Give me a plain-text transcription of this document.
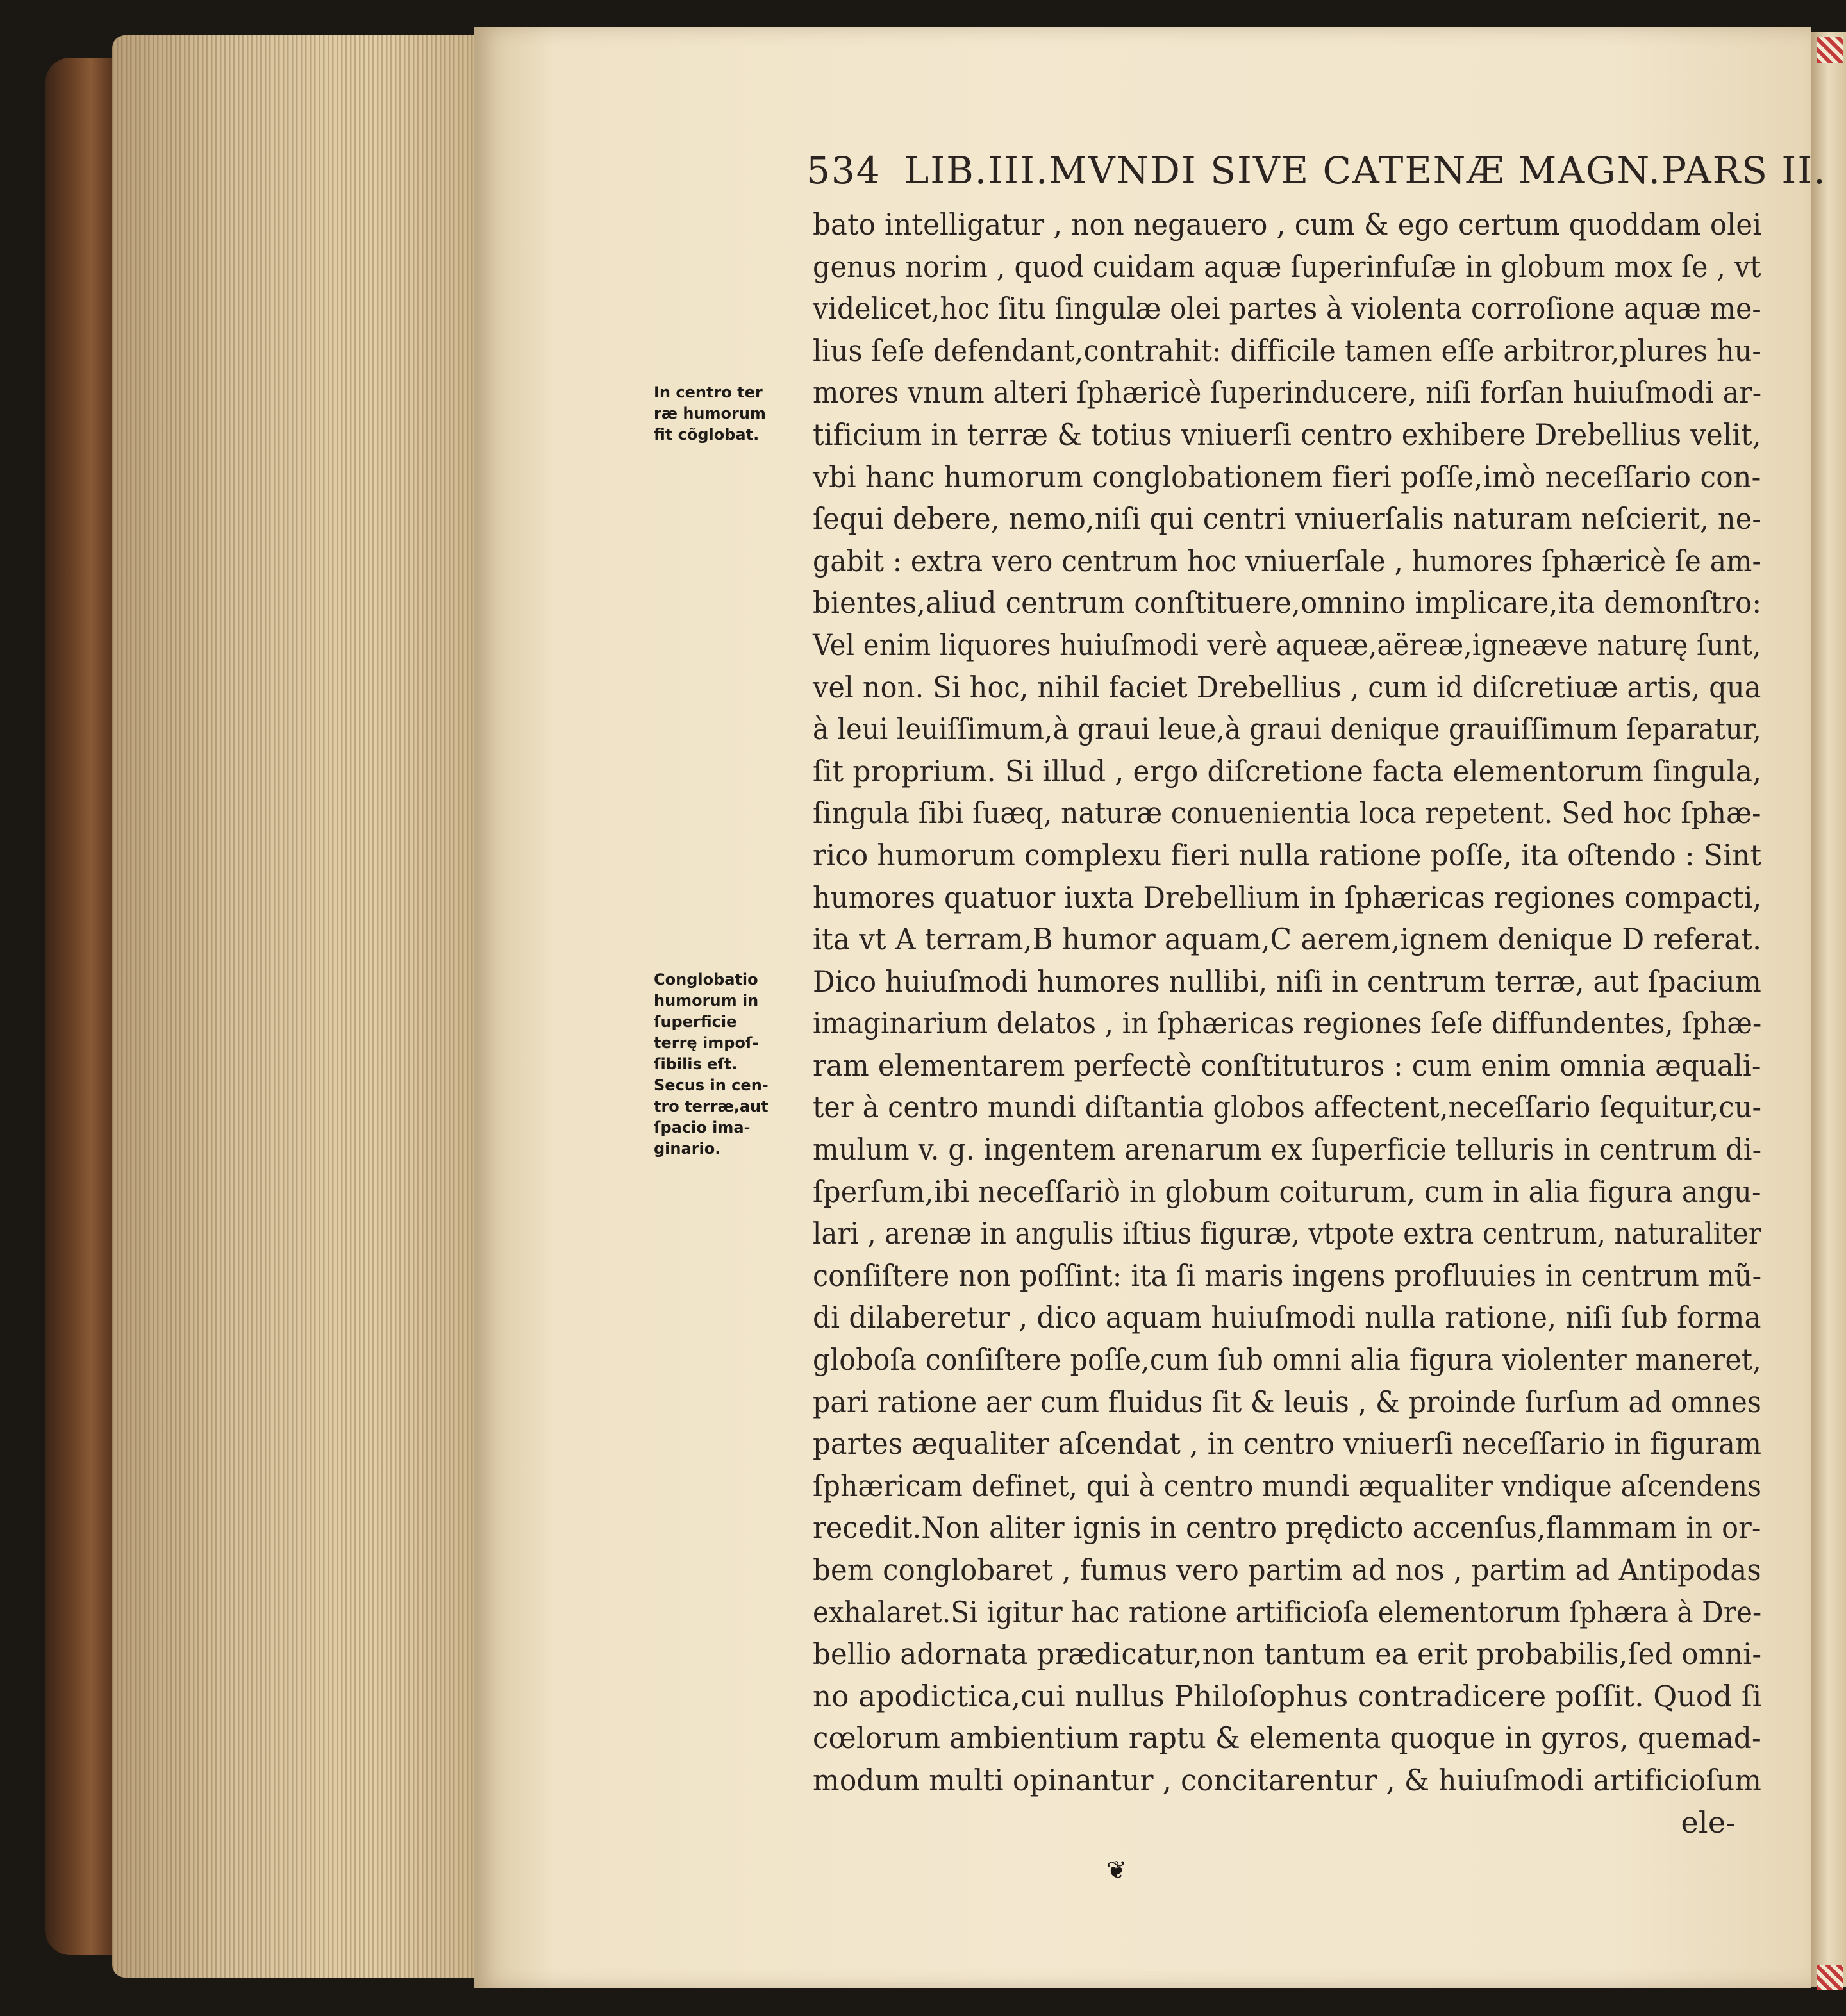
534 LIB.III.MVNDI SIVE CATENÆ MAGN.PARS II.
bato intelligatur , non negauero , cum & ego certum quoddam olei
genus norim , quod cuidam aquæ ſuperinfuſæ in globum mox ſe , vt
videlicet,hoc ſitu ſingulæ olei partes à violenta corroſione aquæ me-
lius ſeſe defendant,contrahit: difficile tamen eſſe arbitror,plures hu-
mores vnum alteri ſphæricè ſuperinducere, niſi forſan huiuſmodi ar-
tificium in terræ & totius vniuerſi centro exhibere Drebellius velit,
vbi hanc humorum conglobationem fieri poſſe,imò neceſſario con-
ſequi debere, nemo,niſi qui centri vniuerſalis naturam neſcierit, ne-
gabit : extra vero centrum hoc vniuerſale , humores ſphæricè ſe am-
bientes,aliud centrum conſtituere,omnino implicare,ita demonſtro:
Vel enim liquores huiuſmodi verè aqueæ,aëreæ,igneæve naturę ſunt,
vel non. Si hoc, nihil faciet Drebellius , cum id diſcretiuæ artis, qua
à leui leuiſſimum,à graui leue,à graui denique grauiſſimum ſeparatur,
ſit proprium. Si illud , ergo diſcretione facta elementorum ſingula,
ſingula ſibi ſuæq, naturæ conuenientia loca repetent. Sed hoc ſphæ-
rico humorum complexu fieri nulla ratione poſſe, ita oſtendo : Sint
humores quatuor iuxta Drebellium in ſphæricas regiones compacti,
ita vt A terram,B humor aquam,C aerem,ignem denique D referat.
Dico huiuſmodi humores nullibi, niſi in centrum terræ, aut ſpacium
imaginarium delatos , in ſphæricas regiones ſeſe diffundentes, ſphæ-
ram elementarem perfectè conſtituturos : cum enim omnia æquali-
ter à centro mundi diſtantia globos affectent,neceſſario ſequitur,cu-
mulum v. g. ingentem arenarum ex ſuperficie telluris in centrum di-
ſperſum,ibi neceſſariò in globum coiturum, cum in alia figura angu-
lari , arenæ in angulis iſtius figuræ, vtpote extra centrum, naturaliter
conſiſtere non poſſint: ita ſi maris ingens profluuies in centrum mũ-
di dilaberetur , dico aquam huiuſmodi nulla ratione, niſi ſub forma
globoſa conſiſtere poſſe,cum ſub omni alia figura violenter maneret,
pari ratione aer cum fluidus ſit & leuis , & proinde ſurſum ad omnes
partes æqualiter aſcendat , in centro vniuerſi neceſſario in figuram
ſphæricam definet, qui à centro mundi æqualiter vndique aſcendens
recedit.Non aliter ignis in centro prędicto accenſus,flammam in or-
bem conglobaret , fumus vero partim ad nos , partim ad Antipodas
exhalaret.Si igitur hac ratione artificioſa elementorum ſphæra à Dre-
bellio adornata prædicatur,non tantum ea erit probabilis,ſed omni-
no apodictica,cui nullus Philoſophus contradicere poſſit. Quod ſi
cœlorum ambientium raptu & elementa quoque in gyros, quemad-
modum multi opinantur , concitarentur , & huiuſmodi artificioſum
ele-
In centro ter
ræ humorum
fit cõglobat.
Conglobatio
humorum in
ſuperficie
terrę impoſ-
ſibilis eſt.
Secus in cen-
tro terræ,aut
ſpacio ima-
ginario.
❦
